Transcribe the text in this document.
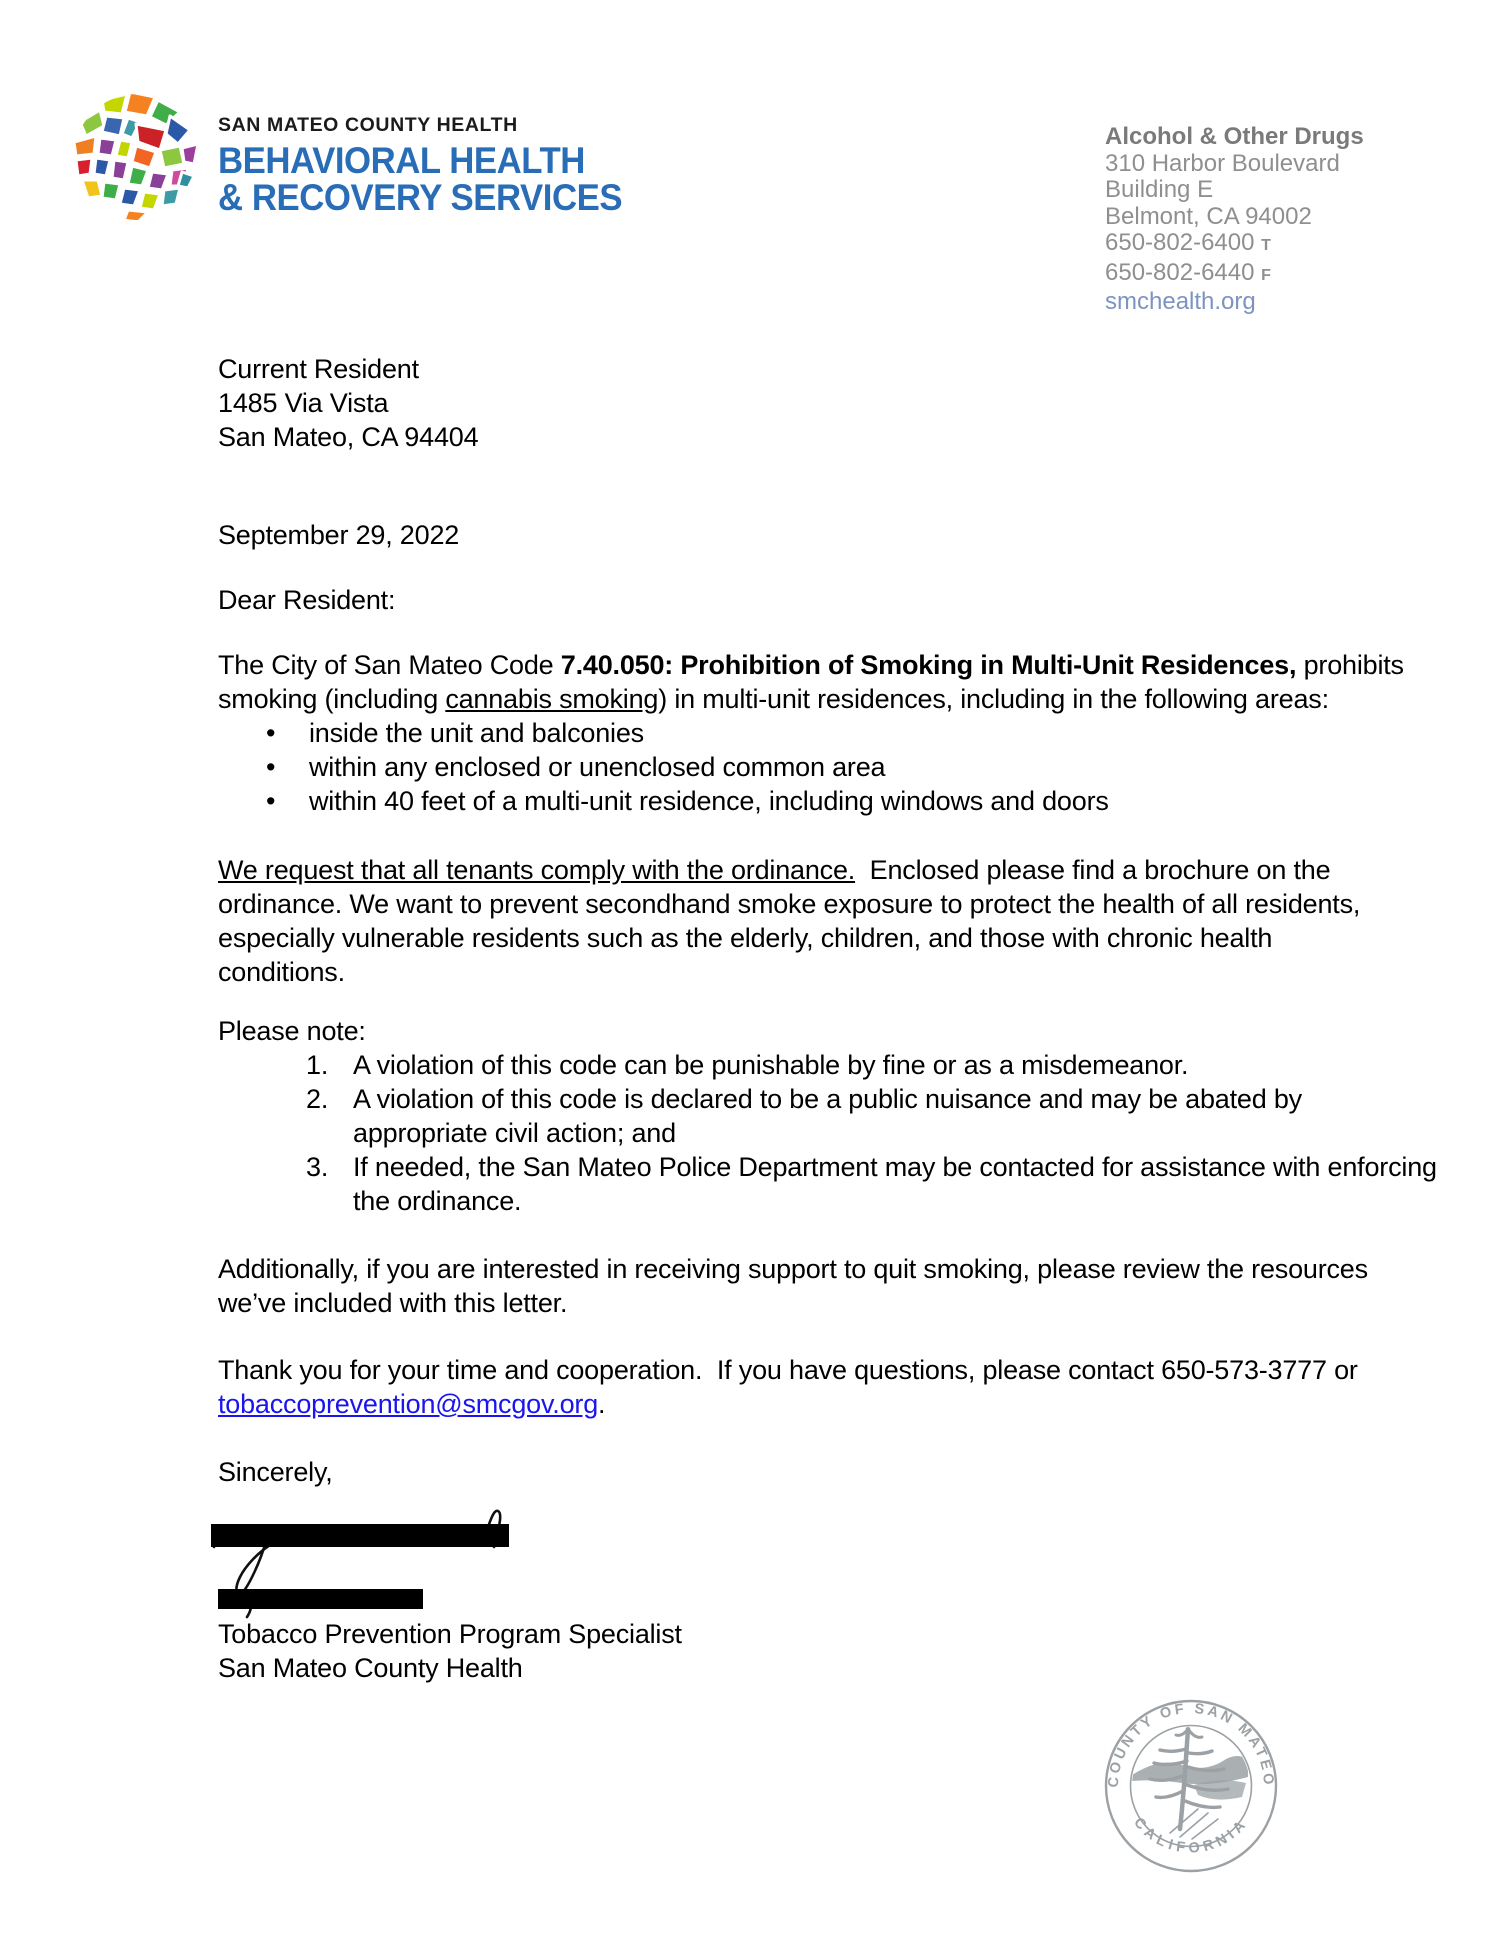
SAN MATEO COUNTY HEALTH
BEHAVIORAL HEALTH
& RECOVERY SERVICES
Alcohol & Other Drugs
310 Harbor Boulevard
Building E
Belmont, CA 94002
650-802-6400 T
650-802-6440 F
smchealth.org
Current Resident
1485 Via Vista
San Mateo, CA 94404
September 29, 2022
Dear Resident:

The City of San Mateo Code 7.40.050: Prohibition of Smoking in Multi-Unit Residences, prohibits
smoking (including cannabis smoking) in multi-unit residences, including in the following areas:

• inside the unit and balconies
• within any enclosed or unenclosed common area
• within 40 feet of a multi-unit residence, including windows and doors

We request that all tenants comply with the ordinance.  Enclosed please find a brochure on the
ordinance. We want to prevent secondhand smoke exposure to protect the health of all residents,
especially vulnerable residents such as the elderly, children, and those with chronic health
conditions.

Please note:
1. A violation of this code can be punishable by fine or as a misdemeanor.
2. A violation of this code is declared to be a public nuisance and may be abated by
appropriate civil action; and
3. If needed, the San Mateo Police Department may be contacted for assistance with enforcing
the ordinance.

Additionally, if you are interested in receiving support to quit smoking, please review the resources
we’ve included with this letter.

Thank you for your time and cooperation.  If you have questions, please contact 650-573-3777 or
tobaccoprevention@smcgov.org.

Sincerely,
Tobacco Prevention Program Specialist
San Mateo County Health
COUNTY OF SAN MATEO
CALIFORNIA
